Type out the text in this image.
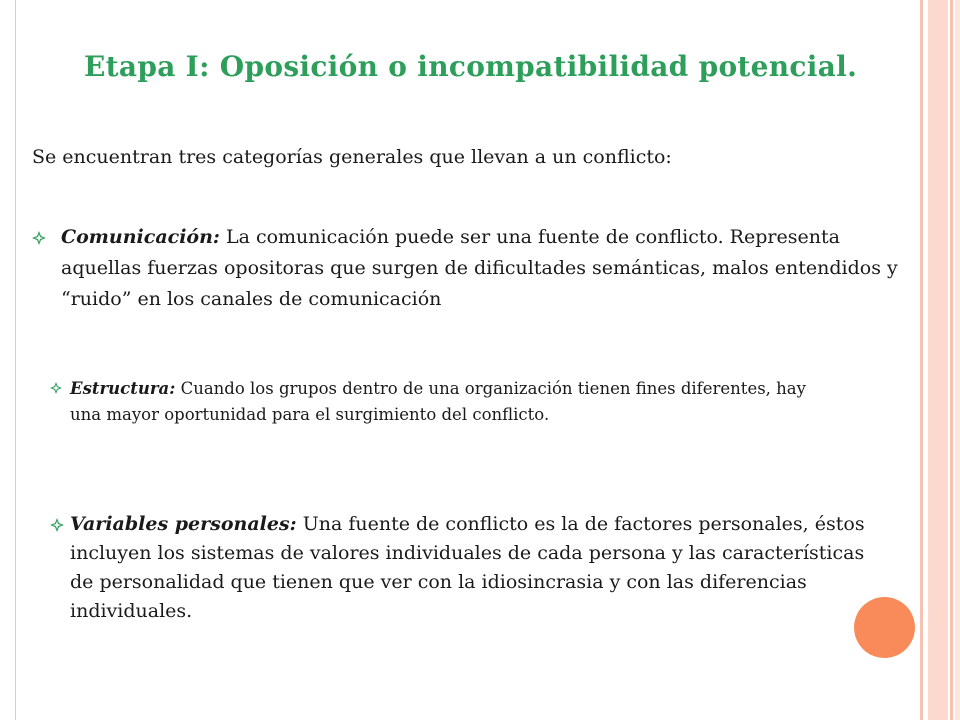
Etapa I: Oposición o incompatibilidad potencial.

Se encuentran tres categorías generales que llevan a un conflicto:

Comunicación: La comunicación puede ser una fuente de conflicto. Representa aquellas fuerzas opositoras que surgen de dificultades semánticas, malos entendidos y “ruido” en los canales de comunicación

Estructura: Cuando los grupos dentro de una organización tienen fines diferentes, hay una mayor oportunidad para el surgimiento del conflicto.

Variables personales: Una fuente de conflicto es la de factores personales, éstos incluyen los sistemas de valores individuales de cada persona y las características de personalidad que tienen que ver con la idiosincrasia y con las diferencias individuales.
